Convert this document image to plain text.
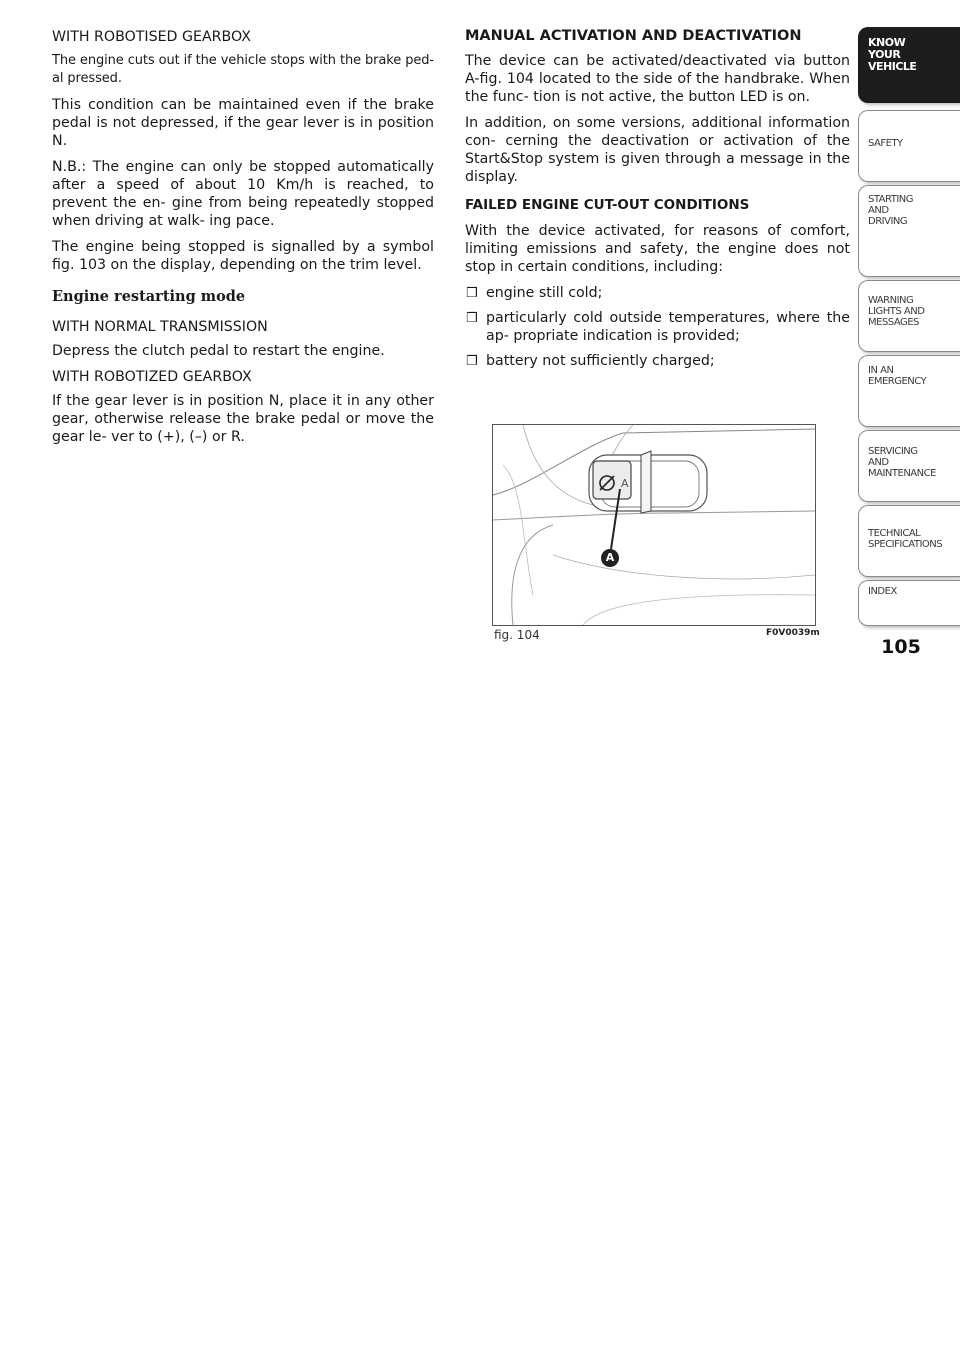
WITH ROBOTISED GEARBOX

The engine cuts out if the vehicle stops with the brake ped- al pressed.

This condition can be maintained even if the brake pedal is not depressed, if the gear lever is in position N.

N.B.: The engine can only be stopped automatically after a speed of about 10 Km/h is reached, to prevent the en- gine from being repeatedly stopped when driving at walk- ing pace.

The engine being stopped is signalled by a symbol fig. 103 on the display, depending on the trim level.

Engine restarting mode

WITH NORMAL TRANSMISSION

Depress the clutch pedal to restart the engine.

WITH ROBOTIZED GEARBOX

If the gear lever is in position N, place it in any other gear, otherwise release the brake pedal or move the gear le- ver to (+), (–) or R.

MANUAL ACTIVATION AND DEACTIVATION

The device can be activated/deactivated via button A-fig. 104 located to the side of the handbrake. When the func- tion is not active, the button LED is on.

In addition, on some versions, additional information con- cerning the deactivation or activation of the Start&Stop system is given through a message in the display.

FAILED ENGINE CUT-OUT CONDITIONS

With the device activated, for reasons of comfort, limiting emissions and safety, the engine does not stop in certain conditions, including:

❒ engine still cold;
❒ particularly cold outside temperatures, where the ap- propriate indication is provided;
❒ battery not sufficiently charged;
A
A
fig. 104	F0V0039m
KNOW
YOUR
VEHICLE
SAFETY
STARTING
AND
DRIVING
WARNING
LIGHTS AND
MESSAGES
IN AN
EMERGENCY
SERVICING
AND
MAINTENANCE
TECHNICAL
SPECIFICATIONS
INDEX
105
